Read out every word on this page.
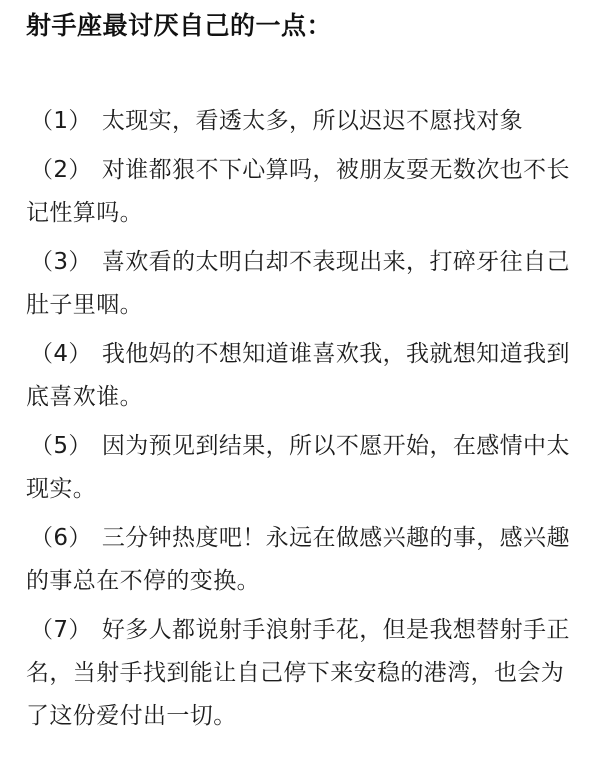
射手座最讨厌自己的一点：
（1） 太现实，看透太多，所以迟迟不愿找对象
（2） 对谁都狠不下心算吗，被朋友耍无数次也不长记性算吗。
（3） 喜欢看的太明白却不表现出来，打碎牙往自己肚子里咽。
（4） 我他妈的不想知道谁喜欢我，我就想知道我到底喜欢谁。
（5） 因为预见到结果，所以不愿开始，在感情中太现实。
（6） 三分钟热度吧！永远在做感兴趣的事，感兴趣的事总在不停的变换。
（7） 好多人都说射手浪射手花，但是我想替射手正名，当射手找到能让自己停下来安稳的港湾，也会为了这份爱付出一切。
